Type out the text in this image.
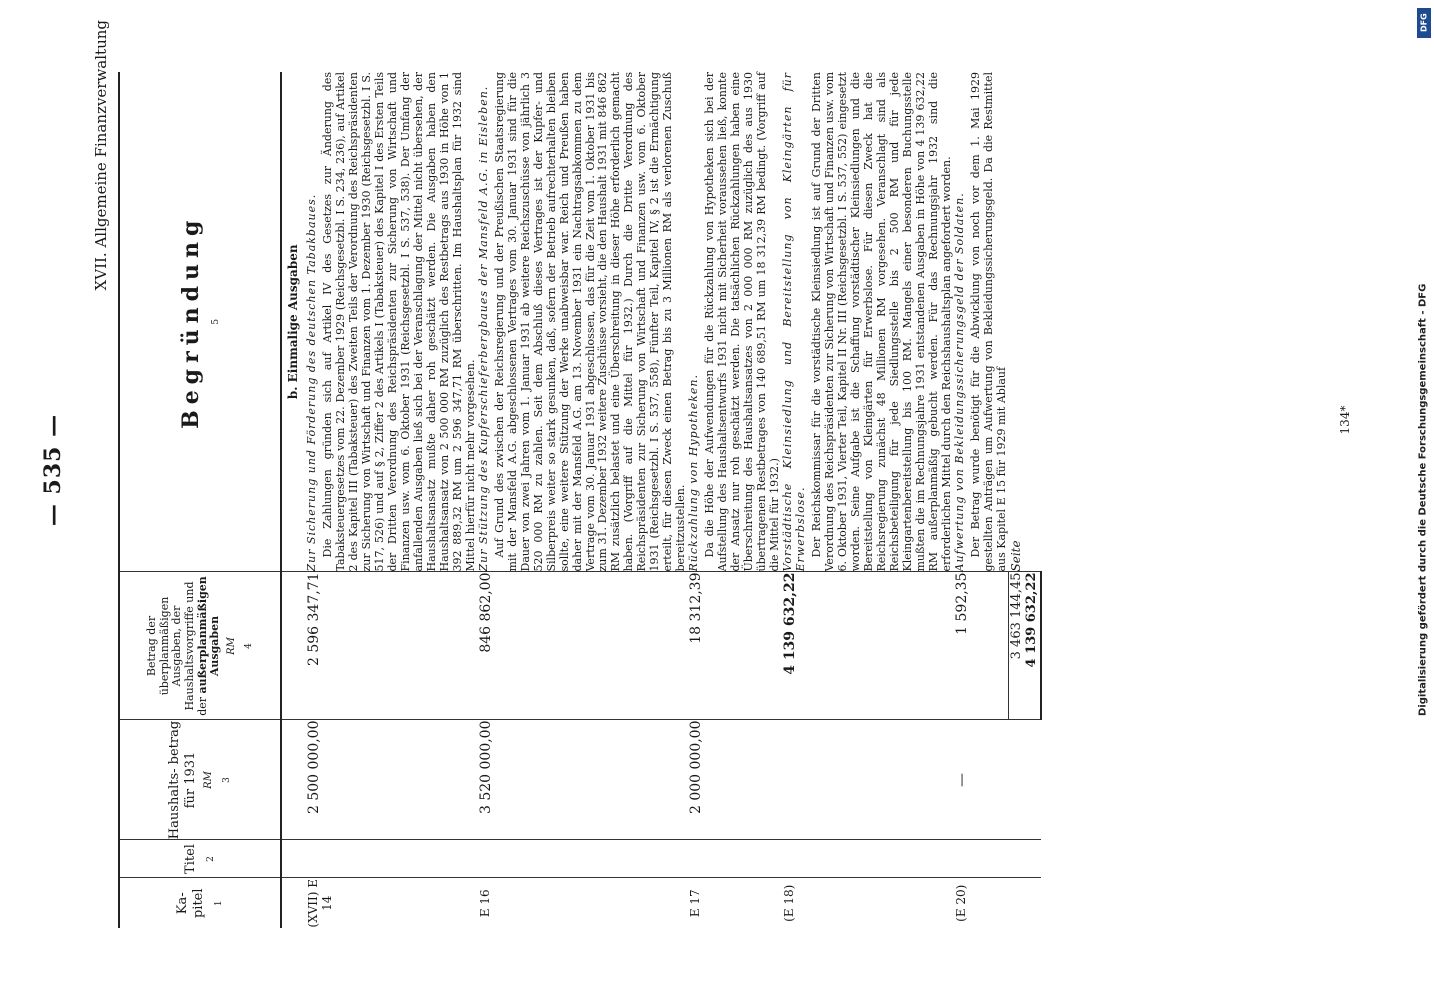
— 535 —
XVII. Allgemeine Finanzverwaltung
Ka- pitel 1	Titel 2	Haushalts- betrag für 1931 RM 3	Betrag der überplanmäßigen Ausgaben, der Haushaltsvorgriffe und der außerplanmäßigen Ausgaben RM 4	Begründung 5

				b. Einmalige Ausgaben

(XVII) E 14		2 500 000,00	2 596 347,71	Zur Sicherung und Förderung des deutschen Tabakbaues. Die Zahlungen gründen sich auf Artikel IV des Gesetzes zur Änderung des Tabaksteuergesetzes vom 22. Dezember 1929 (Reichsgesetzbl. I S. 234, 236), auf Artikel 2 des Kapitel III (Tabaksteuer) des Zweiten Teils der Verordnung des Reichspräsidenten zur Sicherung von Wirtschaft und Finanzen vom 1. Dezember 1930 (Reichsgesetzbl. I S. 517, 526) und auf § 2, Ziffer 2 des Artikels I (Tabaksteuer) des Kapitel I des Ersten Teils der Dritten Verordnung des Reichspräsidenten zur Sicherung von Wirtschaft und Finanzen usw. vom 6. Oktober 1931 (Reichsgesetzbl. I S. 537, 538). Der Umfang der anfallenden Ausgaben ließ sich bei der Veranschlagung der Mittel nicht übersehen, der Haushaltsansatz mußte daher roh geschätzt werden. Die Ausgaben haben den Haushaltsansatz von 2 500 000 RM zuzüglich des Restbetrags aus 1930 in Höhe von 1 392 889,32 RM um 2 596 347,71 RM überschritten. Im Haushaltsplan für 1932 sind Mittel hierfür nicht mehr vorgesehen.

E 16		3 520 000,00	846 862,00	Zur Stützung des Kupferschieferbergbaues der Mansfeld A.G. in Eisleben. Auf Grund des zwischen der Reichsregierung und der Preußischen Staatsregierung mit der Mansfeld A.G. abgeschlossenen Vertrages vom 30. Januar 1931 sind für die Dauer von zwei Jahren vom 1. Januar 1931 ab weitere Reichszuschüsse von jährlich 3 520 000 RM zu zahlen. Seit dem Abschluß dieses Vertrages ist der Kupfer- und Silberpreis weiter so stark gesunken, daß, sofern der Betrieb aufrechterhalten bleiben sollte, eine weitere Stützung der Werke unabweisbar war. Reich und Preußen haben daher mit der Mansfeld A.G. am 13. November 1931 ein Nachtragsabkommen zu dem Vertrage vom 30. Januar 1931 abgeschlossen, das für die Zeit vom 1. Oktober 1931 bis zum 31. Dezember 1932 weitere Zuschüsse vorsieht, die den Haushalt 1931 mit 846 862 RM zusätzlich belastet und eine Überschreitung in dieser Höhe erforderlich gemacht haben. (Vorgriff auf die Mittel für 1932.) Durch die Dritte Verordnung des Reichspräsidenten zur Sicherung von Wirtschaft und Finanzen usw. vom 6. Oktober 1931 (Reichsgesetzbl. I S. 537, 558), Fünfter Teil, Kapitel IV, § 2 ist die Ermächtigung erteilt, für diesen Zweck einen Betrag bis zu 3 Millionen RM als verlorenen Zuschuß bereitzustellen.

E 17		2 000 000,00	18 312,39	Rückzahlung von Hypotheken. Da die Höhe der Aufwendungen für die Rückzahlung von Hypotheken sich bei der Aufstellung des Haushaltsentwurfs 1931 nicht mit Sicherheit voraussehen ließ, konnte der Ansatz nur roh geschätzt werden. Die tatsächlichen Rückzahlungen haben eine Überschreitung des Haushaltsansatzes von 2 000 000 RM zuzüglich des aus 1930 übertragenen Restbetrages von 140 689,51 RM um 18 312,39 RM bedingt. (Vorgriff auf die Mittel für 1932.)

(E 18)			4 139 632,22	Vorstädtische Kleinsiedlung und Bereitstellung von Kleingärten für Erwerbslose. Der Reichskommissar für die vorstädtische Kleinsiedlung ist auf Grund der Dritten Verordnung des Reichspräsidenten zur Sicherung von Wirtschaft und Finanzen usw. vom 6. Oktober 1931, Vierter Teil, Kapitel II Nr. III (Reichsgesetzbl. I S. 537, 552) eingesetzt worden. Seine Aufgabe ist die Schaffung vorstädtischer Kleinsiedlungen und die Bereitstellung von Kleingärten für Erwerbslose. Für diesen Zweck hat die Reichsregierung zunächst 48 Millionen RM vorgesehen. Veranschlagt sind als Reichsbeteiligung für jede Siedlungsstelle bis 2 500 RM und für jede Kleingartenbereitstellung bis 100 RM. Mangels einer besonderen Buchungsstelle mußten die im Rechnungsjahre 1931 entstandenen Ausgaben in Höhe von 4 139 632,22 RM außerplanmäßig gebucht werden. Für das Rechnungsjahr 1932 sind die erforderlichen Mittel durch den Reichshaushaltsplan angefordert worden.

(E 20)		—	1 592,35	Aufwertung von Bekleidungssicherungsgeld der Soldaten. Der Betrag wurde benötigt für die Abwicklung von noch vor dem 1. Mai 1929 gestellten Anträgen um Aufwertung von Bekleidungssicherungsgeld. Da die Restmittel aus Kapitel E 15 für 1929 mit Ablauf

			3 463 144,45 4 139 632,22	Seite
134*
DFG
Digitalisierung gefördert durch die Deutsche Forschungsgemeinschaft - DFG
